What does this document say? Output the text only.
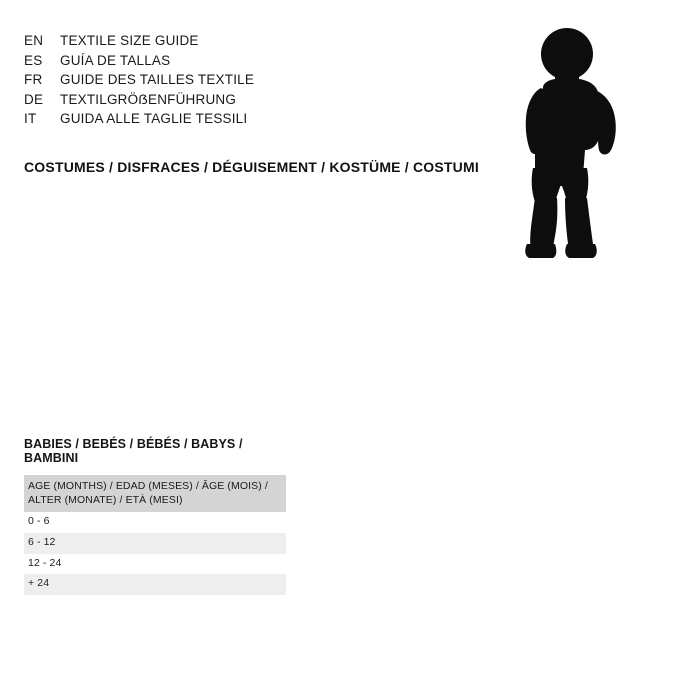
EN	TEXTILE SIZE GUIDE
ES	GUÍA DE TALLAS
FR	GUIDE DES TAILLES TEXTILE
DE	TEXTILGRÖẞENFÜHRUNG
IT	GUIDA ALLE TAGLIE TESSILI
COSTUMES / DISFRACES / DÉGUISEMENT / KOSTÜME / COSTUMI
BABIES / BEBÉS / BÉBÉS / BABYS / BAMBINI
AGE (MONTHS) / EDAD (MESES) / ÂGE (MOIS) / ALTER (MONATE) / ETÀ (MESI)
0 - 6
6 - 12
12 - 24
+ 24
